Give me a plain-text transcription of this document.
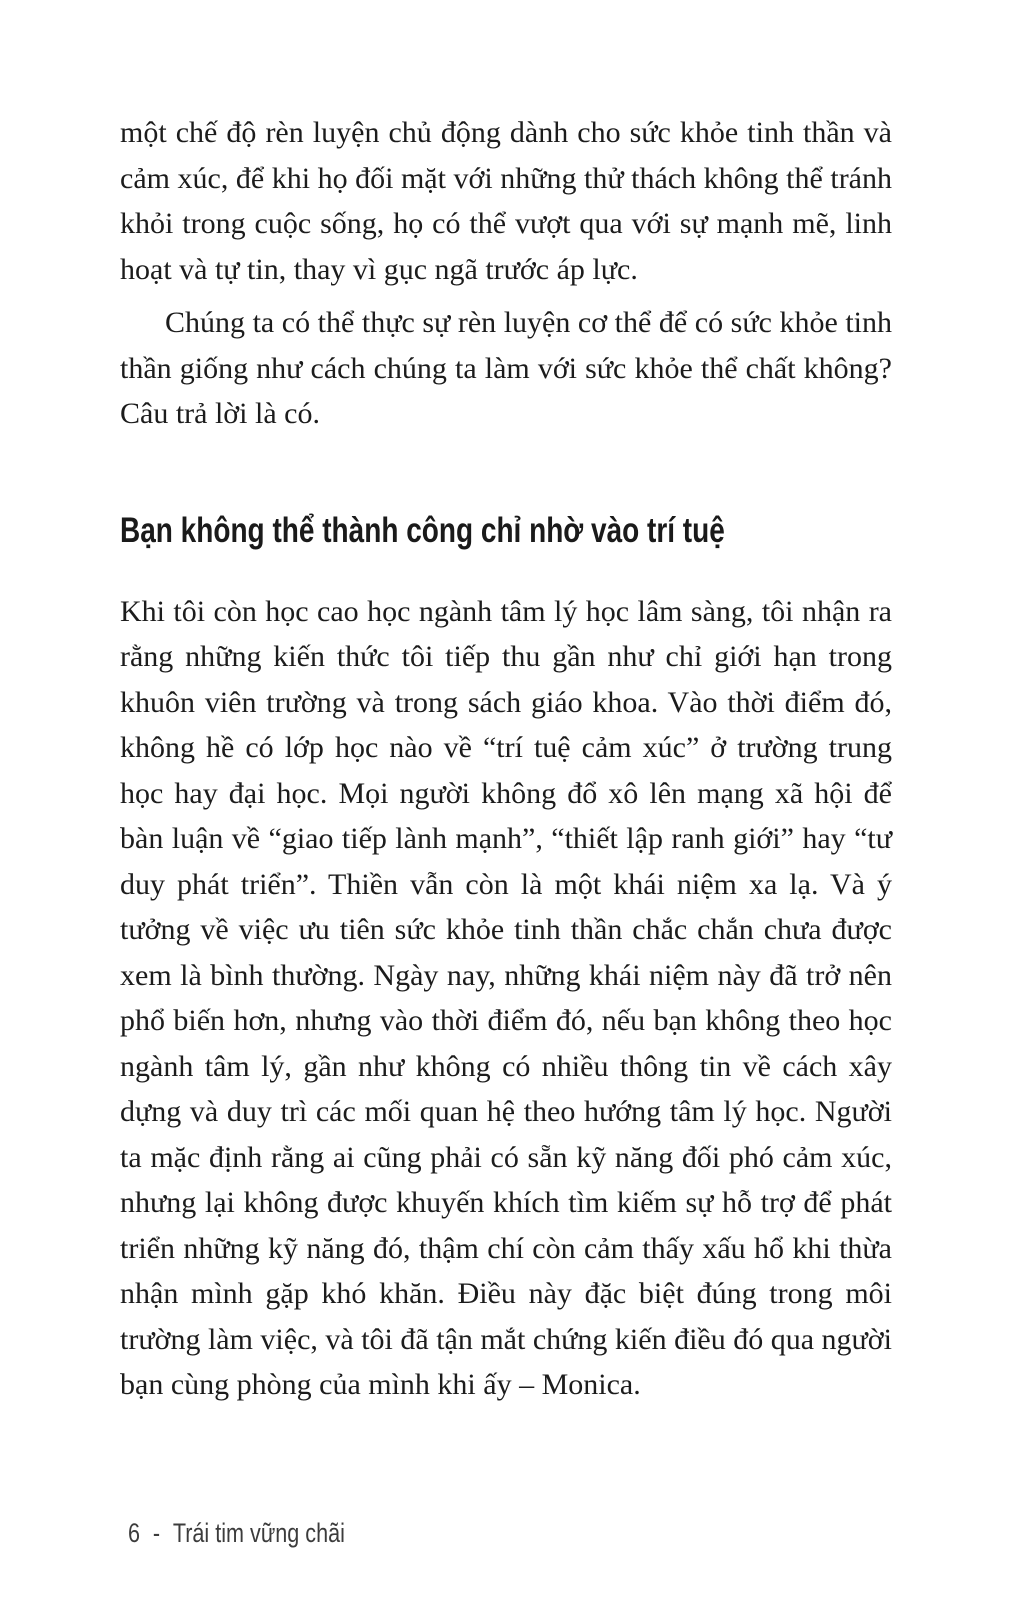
một chế độ rèn luyện chủ động dành cho sức khỏe tinh thần và cảm xúc, để khi họ đối mặt với những thử thách không thể tránh khỏi trong cuộc sống, họ có thể vượt qua với sự mạnh mẽ, linh hoạt và tự tin, thay vì gục ngã trước áp lực.

Chúng ta có thể thực sự rèn luyện cơ thể để có sức khỏe tinh thần giống như cách chúng ta làm với sức khỏe thể chất không? Câu trả lời là có.

Bạn không thể thành công chỉ nhờ vào trí tuệ

Khi tôi còn học cao học ngành tâm lý học lâm sàng, tôi nhận ra rằng những kiến thức tôi tiếp thu gần như chỉ giới hạn trong khuôn viên trường và trong sách giáo khoa. Vào thời điểm đó, không hề có lớp học nào về “trí tuệ cảm xúc” ở trường trung học hay đại học. Mọi người không đổ xô lên mạng xã hội để bàn luận về “giao tiếp lành mạnh”, “thiết lập ranh giới” hay “tư duy phát triển”. Thiền vẫn còn là một khái niệm xa lạ. Và ý tưởng về việc ưu tiên sức khỏe tinh thần chắc chắn chưa được xem là bình thường. Ngày nay, những khái niệm này đã trở nên phổ biến hơn, nhưng vào thời điểm đó, nếu bạn không theo học ngành tâm lý, gần như không có nhiều thông tin về cách xây dựng và duy trì các mối quan hệ theo hướng tâm lý học. Người ta mặc định rằng ai cũng phải có sẵn kỹ năng đối phó cảm xúc, nhưng lại không được khuyến khích tìm kiếm sự hỗ trợ để phát triển những kỹ năng đó, thậm chí còn cảm thấy xấu hổ khi thừa nhận mình gặp khó khăn. Điều này đặc biệt đúng trong môi trường làm việc, và tôi đã tận mắt chứng kiến điều đó qua người bạn cùng phòng của mình khi ấy – Monica.

6 - Trái tim vững chãi
